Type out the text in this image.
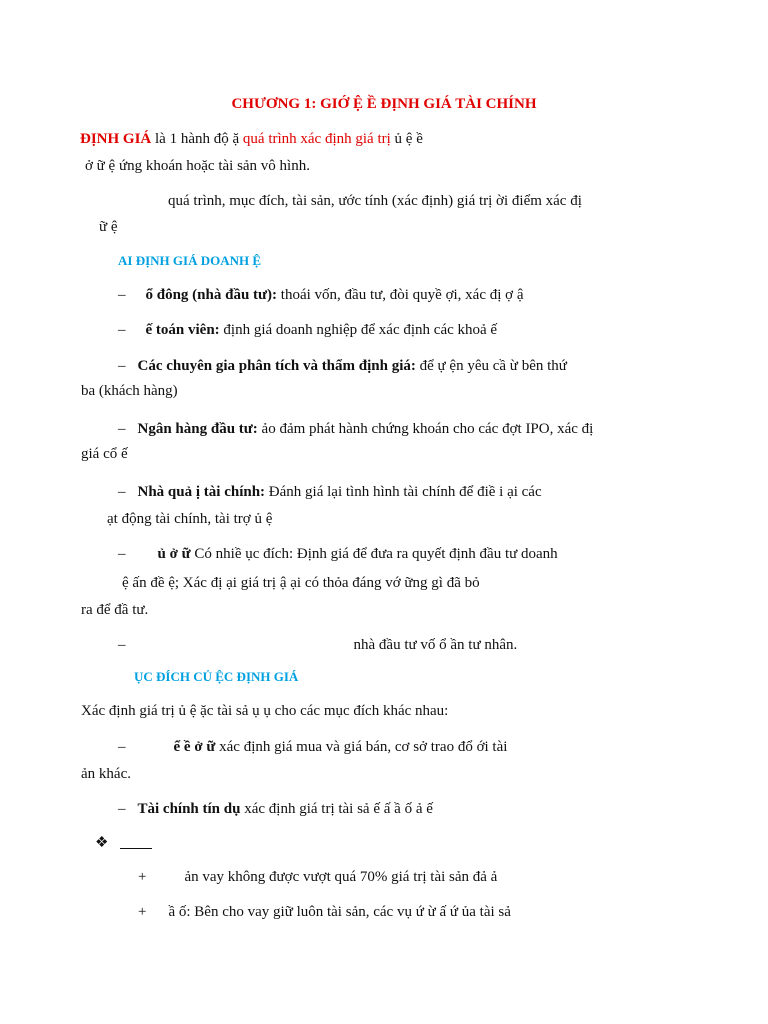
CHƯƠNG 1: GIỚ Ệ Ề ĐỊNH GIÁ TÀI CHÍNH
ĐỊNH GIÁ là 1 hành độ ặ quá trình xác định giá trị ủ ệ ề
ở ữ ệ ứng khoán hoặc tài sản vô hình.
quá trình, mục đích, tài sản, ước tính (xác định) giá trị ời điểm xác đị
ữ ệ
AI ĐỊNH GIÁ DOANH Ệ
– ổ đông (nhà đầu tư): thoái vốn, đầu tư, đòi quyề ợi, xác đị ợ ậ
– ế toán viên: định giá doanh nghiệp để xác định các khoả ế
– Các chuyên gia phân tích và thẩm định giá: để ự ện yêu cầ ừ bên thứ
ba (khách hàng)
– Ngân hàng đầu tư: ảo đảm phát hành chứng khoán cho các đợt IPO, xác đị
giá cổ ế
– Nhà quả ị tài chính: Đánh giá lại tình hình tài chính để điề i ại các
ạt động tài chính, tài trợ ủ ệ
– ủ ở ữ Có nhiề ục đích: Định giá để đưa ra quyết định đầu tư doanh
ệ ấn đề ệ; Xác đị ại giá trị ậ ại có thỏa đáng vớ ững gì đã bỏ
ra để đầ tư.
–	nhà đầu tư vố ổ ần tư nhân.
ỤC ĐÍCH CỦ ỆC ĐỊNH GIÁ
Xác định giá trị ủ ệ ặc tài sả ụ ụ cho các mục đích khác nhau:
–	ể ề ở ữ xác định giá mua và giá bán, cơ sở trao đổ ới tài
ản khác.
– Tài chính tín dụ xác định giá trị tài sả ế ấ ầ ố ả ế
❖
+	ản vay không được vượt quá 70% giá trị tài sản đả ả
+ ầ ố: Bên cho vay giữ luôn tài sản, các vụ ứ ừ ấ ứ ủa tài sả
